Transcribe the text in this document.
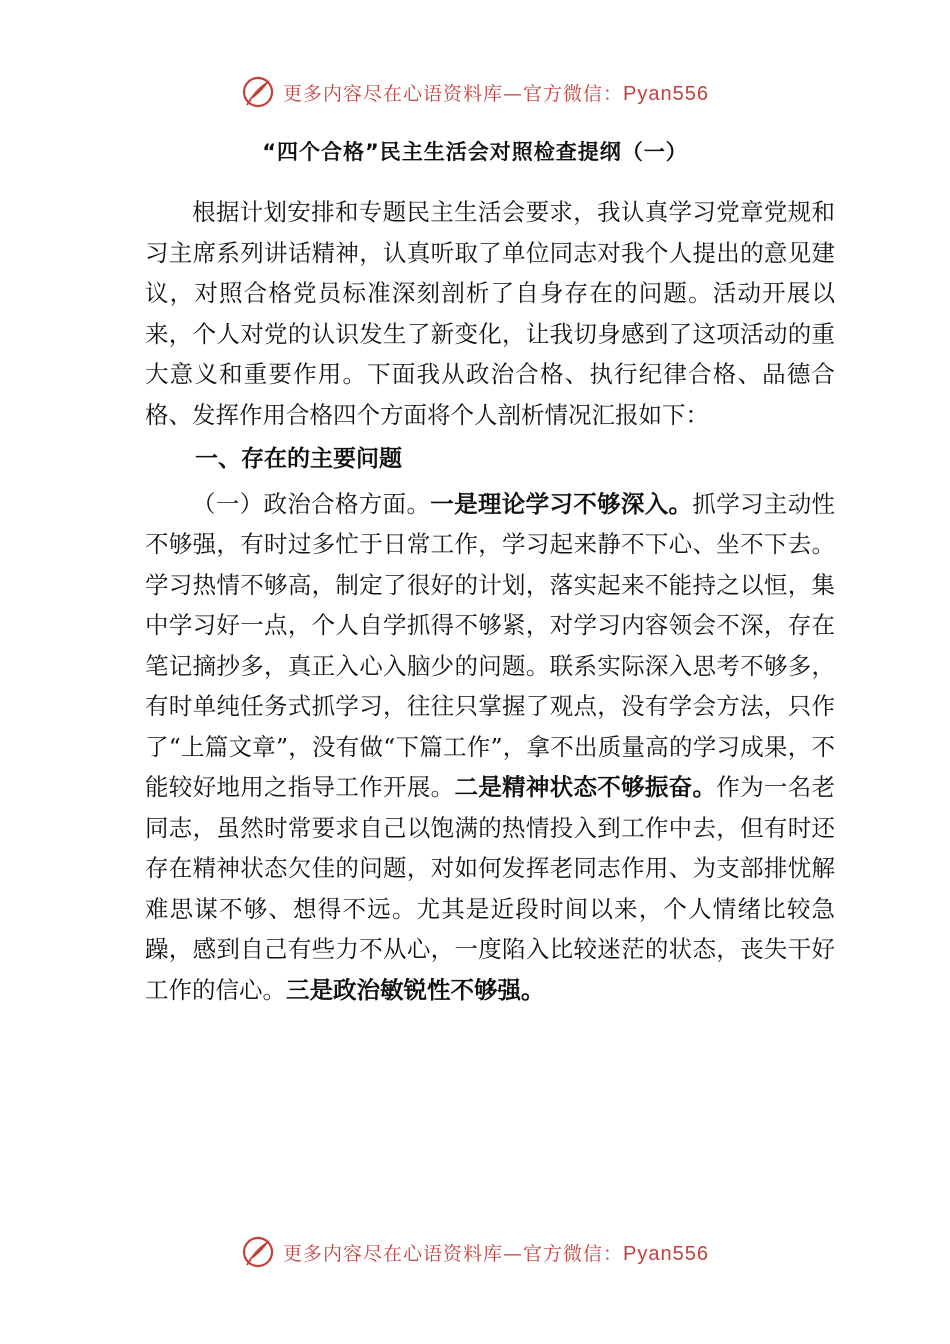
更多内容尽在心语资料库—官方微信：Pyan556
“四个合格”民主生活会对照检查提纲（一）

根据计划安排和专题民主生活会要求，我认真学习党章党规和习主席系列讲话精神，认真听取了单位同志对我个人提出的意见建议，对照合格党员标准深刻剖析了自身存在的问题。活动开展以来，个人对党的认识发生了新变化，让我切身感到了这项活动的重大意义和重要作用。下面我从政治合格、执行纪律合格、品德合格、发挥作用合格四个方面将个人剖析情况汇报如下：

一、存在的主要问题

（一）政治合格方面。一是理论学习不够深入。抓学习主动性不够强，有时过多忙于日常工作，学习起来静不下心、坐不下去。学习热情不够高，制定了很好的计划，落实起来不能持之以恒，集中学习好一点，个人自学抓得不够紧，对学习内容领会不深，存在笔记摘抄多，真正入心入脑少的问题。联系实际深入思考不够多，有时单纯任务式抓学习，往往只掌握了观点，没有学会方法，只作了“上篇文章”，没有做“下篇工作”，拿不出质量高的学习成果，不能较好地用之指导工作开展。二是精神状态不够振奋。作为一名老同志，虽然时常要求自己以饱满的热情投入到工作中去，但有时还存在精神状态欠佳的问题，对如何发挥老同志作用、为支部排忧解难思谋不够、想得不远。尤其是近段时间以来，个人情绪比较急躁，感到自己有些力不从心，一度陷入比较迷茫的状态，丧失干好工作的信心。三是政治敏锐性不够强。

更多内容尽在心语资料库—官方微信：Pyan556
